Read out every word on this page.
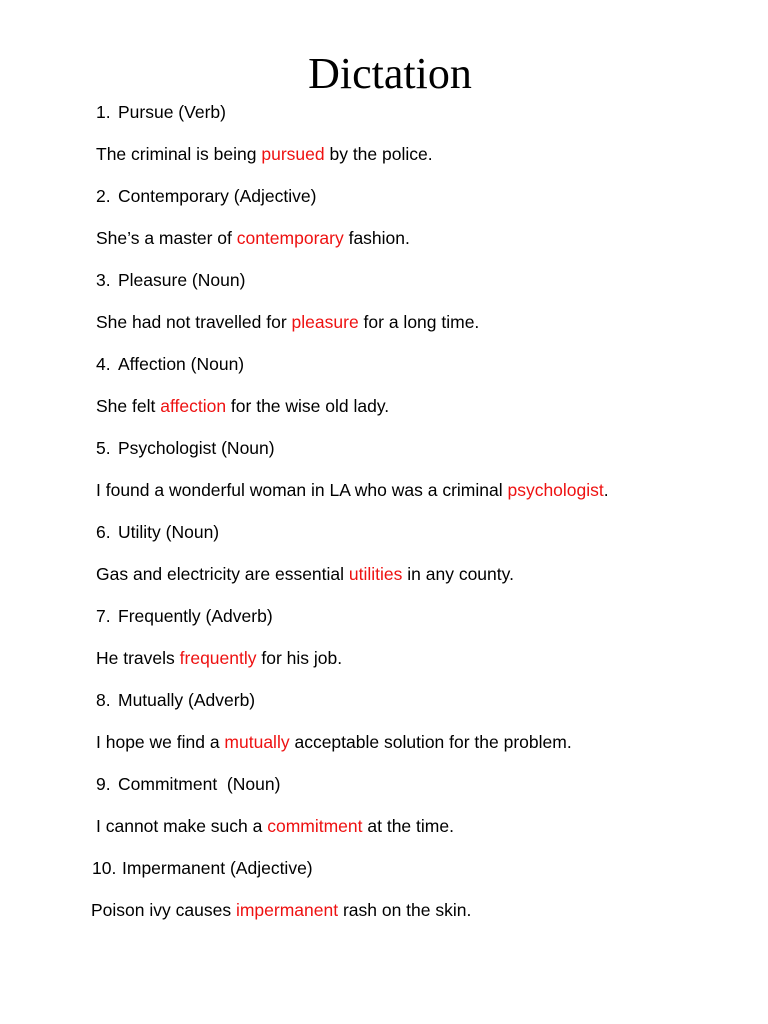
Dictation
1. Pursue (Verb)
The criminal is being pursued by the police.
2. Contemporary (Adjective)
She’s a master of contemporary fashion.
3. Pleasure (Noun)
She had not travelled for pleasure for a long time.
4. Affection (Noun)
She felt affection for the wise old lady.
5. Psychologist (Noun)
I found a wonderful woman in LA who was a criminal psychologist.
6. Utility (Noun)
Gas and electricity are essential utilities in any county.
7. Frequently (Adverb)
He travels frequently for his job.
8. Mutually (Adverb)
I hope we find a mutually acceptable solution for the problem.
9. Commitment  (Noun)
I cannot make such a commitment at the time.
10. Impermanent (Adjective)
Poison ivy causes impermanent rash on the skin.
